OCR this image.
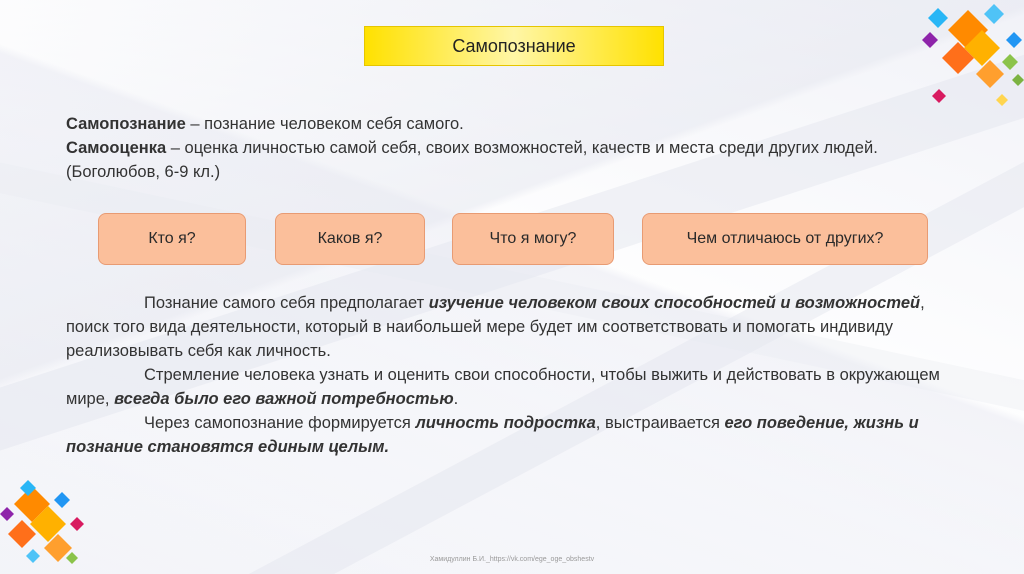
Самопознание

Самопознание – познание человеком себя самого.

Самооценка – оценка личностью самой себя, своих возможностей, качеств и места среди других людей. (Боголюбов, 6-9 кл.)

Кто я?	Каков я?	Что я могу?	Чем отличаюсь от других?

Познание самого себя предполагает изучение человеком своих способностей и возможностей, поиск того вида деятельности, который в наибольшей мере будет им соответствовать и помогать индивиду реализовывать себя как личность.

Стремление человека узнать и оценить свои способности, чтобы выжить и действовать в окружающем мире, всегда было его важной потребностью.

Через самопознание формируется личность подростка, выстраивается его поведение, жизнь и познание становятся единым целым.

Хамидуллин Б.И._https://vk.com/ege_oge_obshestv
